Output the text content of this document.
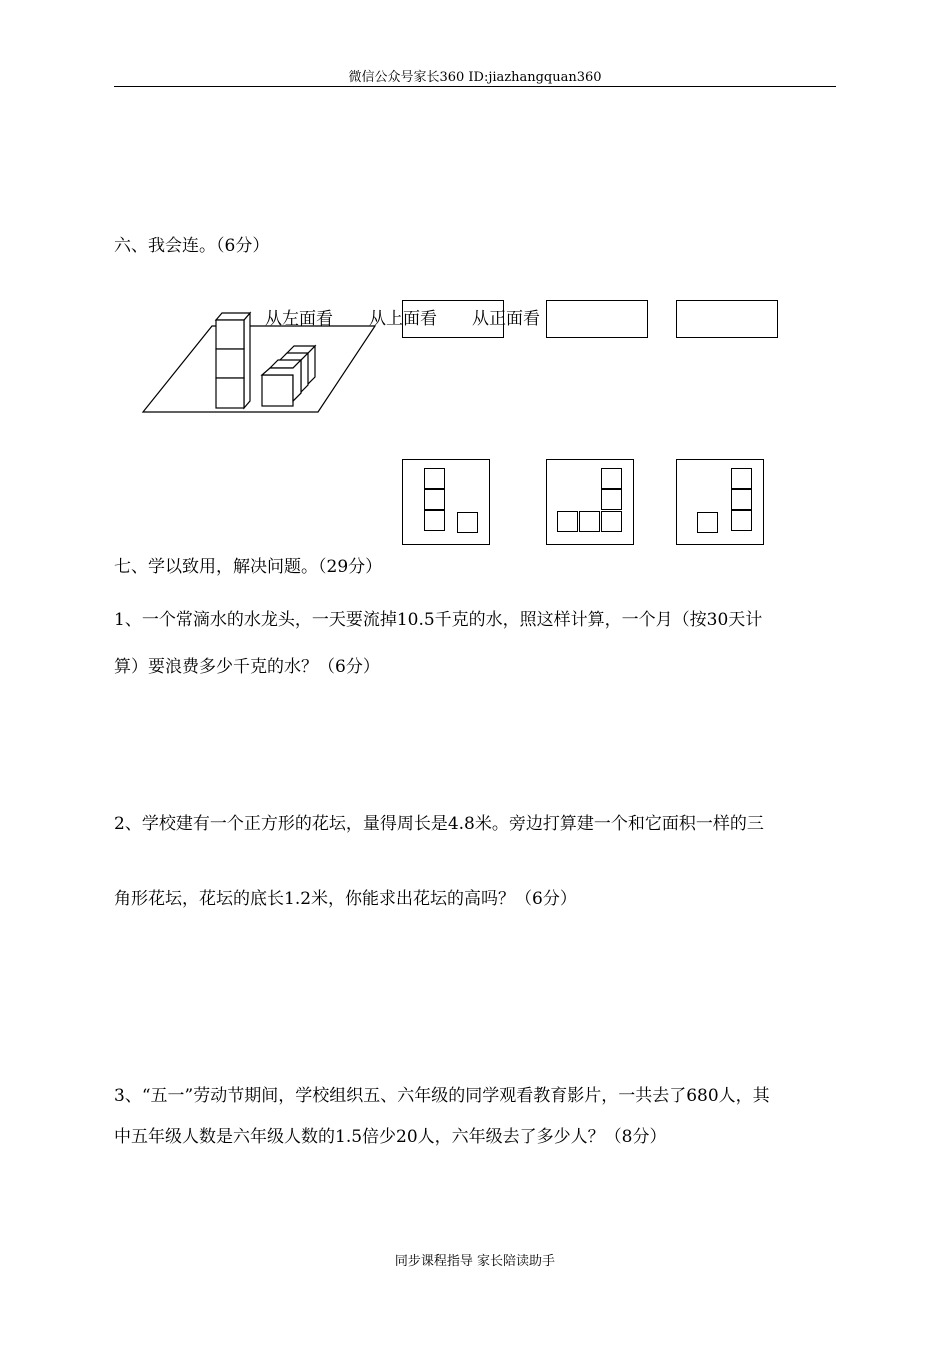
微信公众号家长360 ID:jiazhangquan360
六、我会连。（6分）
从左面看 从上面看 从正面看
七、学以致用，解决问题。（29分）
1、一个常滴水的水龙头，一天要流掉10.5千克的水，照这样计算，一个月（按30天计
算）要浪费多少千克的水？（6分）
2、学校建有一个正方形的花坛，量得周长是4.8米。旁边打算建一个和它面积一样的三
角形花坛，花坛的底长1.2米，你能求出花坛的高吗？（6分）
3、“五一”劳动节期间，学校组织五、六年级的同学观看教育影片，一共去了680人，其
中五年级人数是六年级人数的1.5倍少20人，六年级去了多少人？（8分）
同步课程指导 家长陪读助手
